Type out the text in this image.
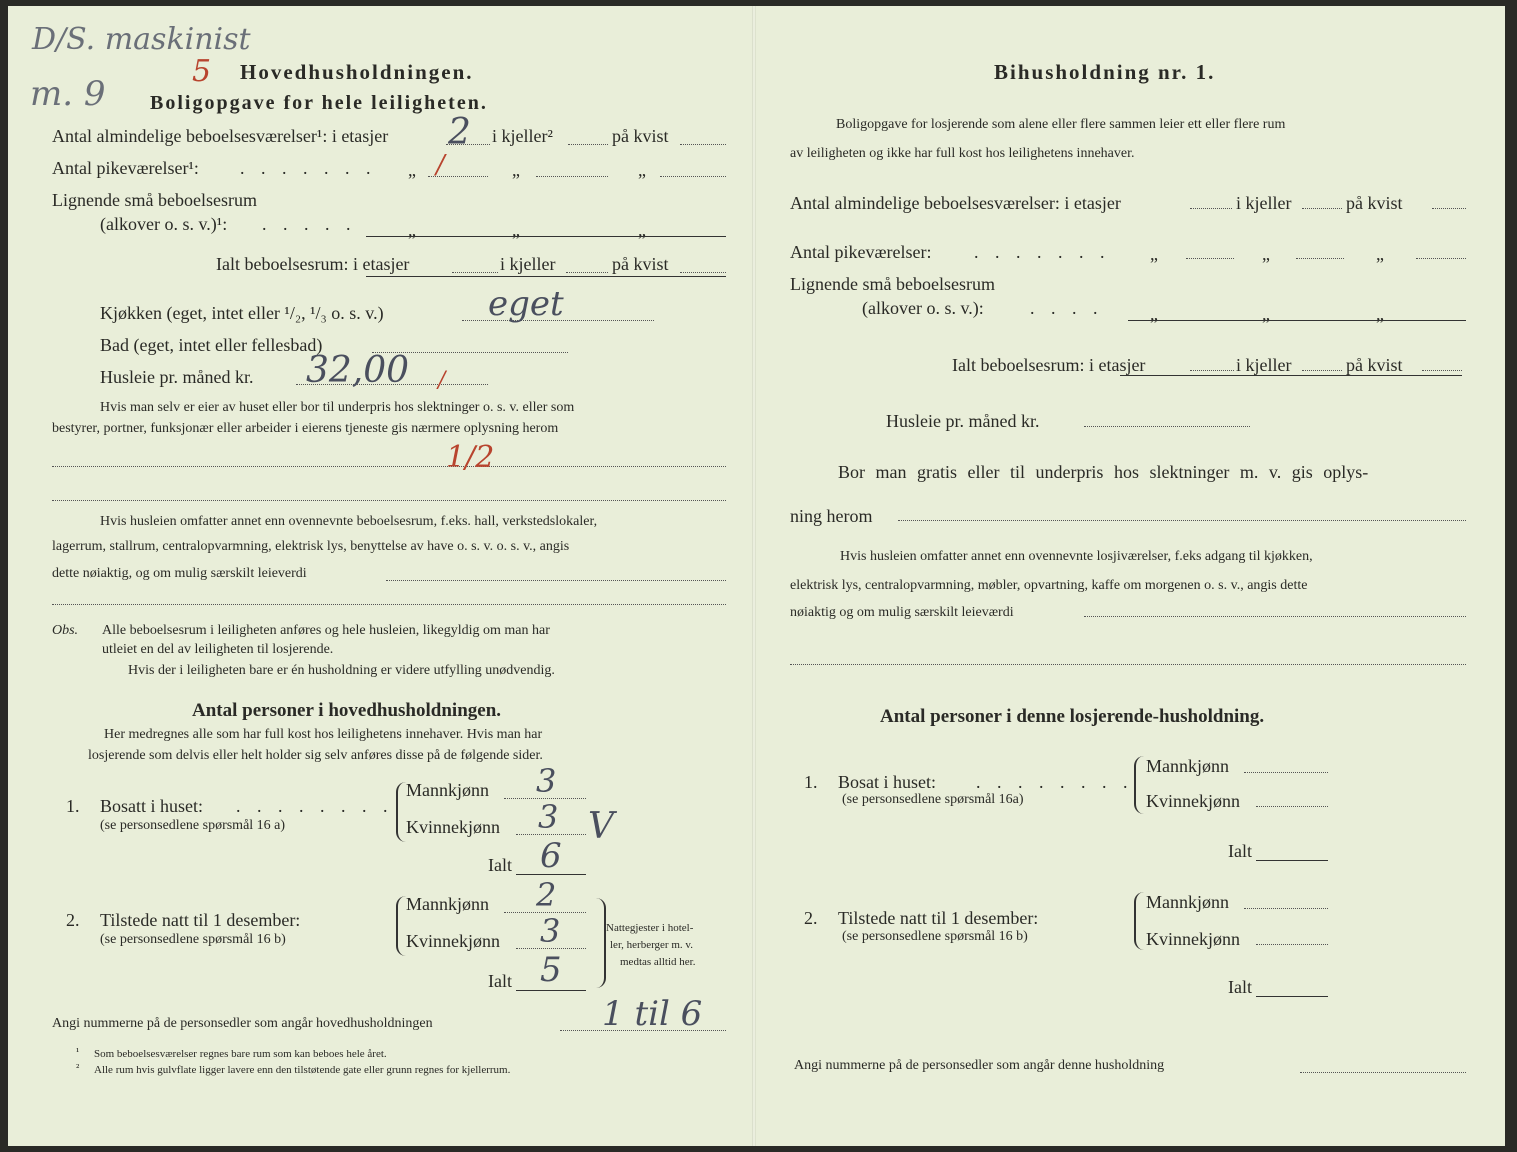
D/S. maskinist
m. 9
5 Hovedhusholdningen.
Boligopgave for hele leiligheten.
Antal almindelige beboelsesværelser¹: i etasjer 2 i kjeller²	på kvist
Antal pikeværelser¹: . . . . . . . „ /	„	„
Lignende små beboelsesrum
(alkover o. s. v.)¹: . . . . .	„	„	„
Ialt beboelsesrum: i etasjer	i kjeller	på kvist
Kjøkken (eget, intet eller ¹/₂, ¹/₃ o. s. v.)	eget
Bad (eget, intet eller fellesbad)
Husleie pr. måned kr. 32,00 /
Hvis man selv er eier av huset eller bor til underpris hos slektninger o. s. v. eller som
bestyrer, portner, funksjonær eller arbeider i eierens tjeneste gis nærmere oplysning herom
1/2
Hvis husleien omfatter annet enn ovennevnte beboelsesrum, f.eks. hall, verkstedslokaler,
lagerrum, stallrum, centralopvarmning, elektrisk lys, benyttelse av have o. s. v. o. s. v., angis
dette nøiaktig, og om mulig særskilt leieverdi
Obs. Alle beboelsesrum i leiligheten anføres og hele husleien, likegyldig om man har
utleiet en del av leiligheten til losjerende.
Hvis der i leiligheten bare er én husholdning er videre utfylling unødvendig.
Antal personer i hovedhusholdningen.
Her medregnes alle som har full kost hos leilighetens innehaver. Hvis man har
losjerende som delvis eller helt holder sig selv anføres disse på de følgende sider.
1. Bosatt i huset: . . . . . . . .
(se personsedlene spørsmål 16 a)
Mannkjønn 3
Kvinnekjønn 3 V
Ialt 6
2. Tilstede natt til 1 desember:
(se personsedlene spørsmål 16 b)
Mannkjønn 2
Kvinnekjønn 3
Ialt 5
Nattegjester i hotel-
ler, herberger m. v.
medtas alltid her.
Angi nummerne på de personsedler som angår hovedhusholdningen	1 til 6
¹ Som beboelsesværelser regnes bare rum som kan beboes hele året.
² Alle rum hvis gulvflate ligger lavere enn den tilstøtende gate eller grunn regnes for kjellerrum.
Bihusholdning nr. 1.
Boligopgave for losjerende som alene eller flere sammen leier ett eller flere rum
av leiligheten og ikke har full kost hos leilighetens innehaver.
Antal almindelige beboelsesværelser: i etasjer	i kjeller	på kvist
Antal pikeværelser: . . . . . . . „	„	„
Lignende små beboelsesrum
(alkover o. s. v.):	. . . .	„	„	„
Ialt beboelsesrum: i etasjer	i kjeller	på kvist
Husleie pr. måned kr.
Bor man gratis eller til underpris hos slektninger m. v. gis oplys-
ning herom
Hvis husleien omfatter annet enn ovennevnte losjiværelser, f.eks adgang til kjøkken,
elektrisk lys, centralopvarmning, møbler, opvartning, kaffe om morgenen o. s. v., angis dette
nøiaktig og om mulig særskilt leieværdi
Antal personer i denne losjerende-husholdning.
1. Bosat i huset: . . . . . . . .
(se personsedlene spørsmål 16a)
Mannkjønn
Kvinnekjønn
Ialt
2. Tilstede natt til 1 desember:
(se personsedlene spørsmål 16 b)
Mannkjønn
Kvinnekjønn
Ialt
Angi nummerne på de personsedler som angår denne husholdning
